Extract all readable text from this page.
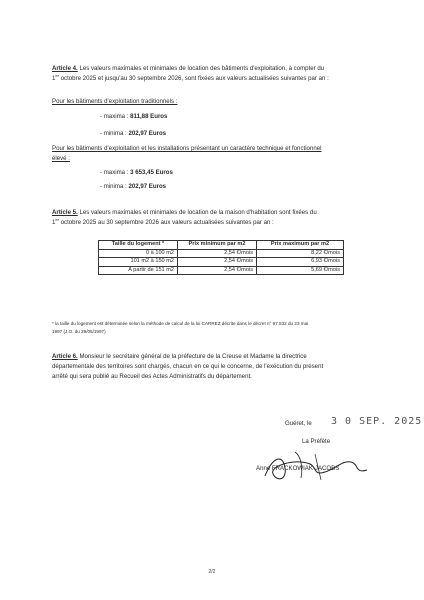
Article 4. Les valeurs maximales et minimales de location des bâtiments d'exploitation, à compter du
1er octobre 2025 et jusqu'au 30 septembre 2026, sont fixées aux valeurs actualisées suivantes par an :

Pour les bâtiments d'exploitation traditionnels :

- maxima : 811,88 Euros
- minima : 202,97 Euros

Pour les bâtiments d'exploitation et les installations présentant un caractère technique et fonctionnel
élevé :

- maxima : 3 653,45 Euros
- minima : 202,97 Euros

Article 5. Les valeurs maximales et minimales de location de la maison d'habitation sont fixées du
1er octobre 2025 au 30 septembre 2026 aux valeurs actualisées suivantes par an :

Taille du logement *	Prix minimum par m2	Prix maximum par m2
0 à 100 m2	2,54 €/mois	8,22 €/mois
101 m2 à 150 m2	2,54 €/mois	6,93 €/mois
A partir de 151 m2	2,54 €/mois	5,69 €/mois
* la taille du logement est déterminée selon la méthode de calcul de la loi CARREZ décrite dans le décret n° 97.532 du 23 mai
1997 (J.O. du 29/05/1997)

Article 6. Monsieur le secrétaire général de la préfecture de la Creuse et Madame la directrice
départementale des territoires sont chargés, chacun en ce qui le concerne, de l'exécution du présent
arrêté qui sera publié au Recueil des Actes Administratifs du département.

Guéret, le 3 0 SEP. 2025
La Préfète
Anne FRACKOWIAK-JACOBS
2/2
